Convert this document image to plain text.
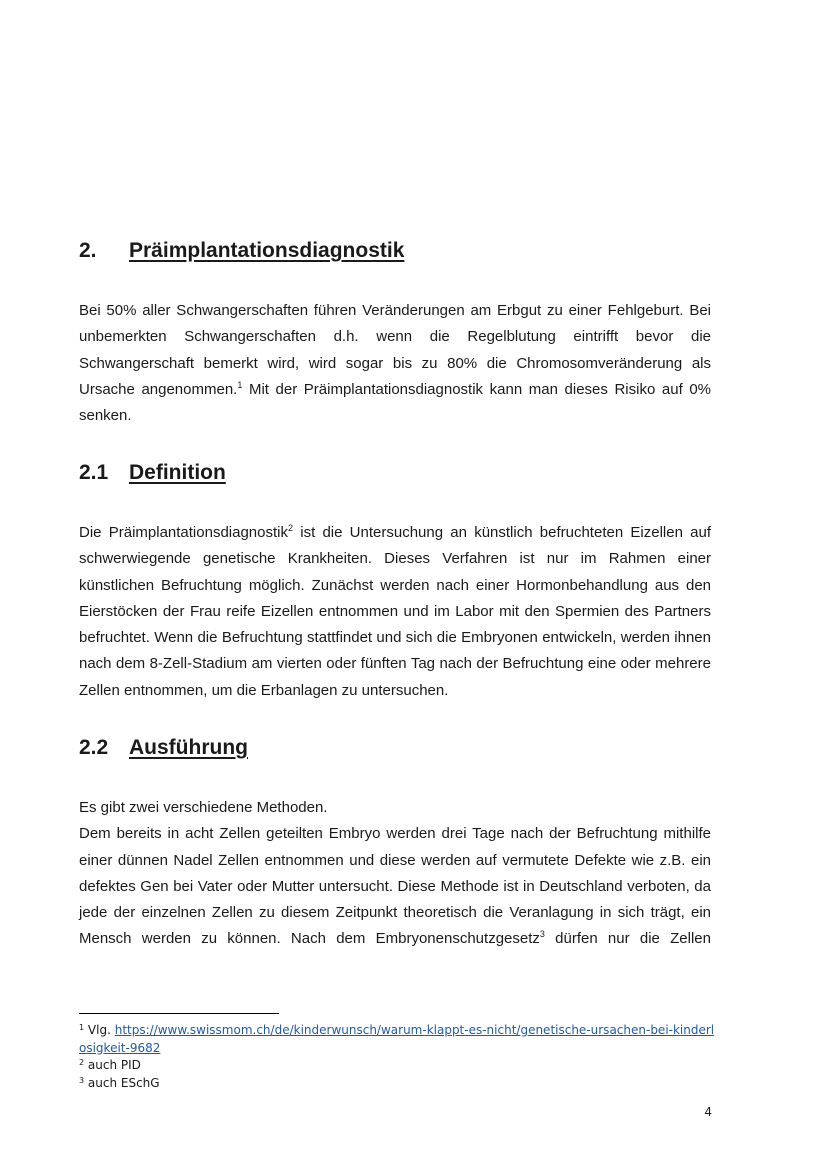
2. Präimplantationsdiagnostik
Bei 50% aller Schwangerschaften führen Veränderungen am Erbgut zu einer Fehlgeburt. Bei unbemerkten Schwangerschaften d.h. wenn die Regelblutung eintrifft bevor die Schwangerschaft bemerkt wird, wird sogar bis zu 80% die Chromosomveränderung als Ursache angenommen.$^1$ Mit der Präimplantationsdiagnostik kann man dieses Risiko auf 0% senken.
2.1 Definition
Die Präimplantationsdiagnostik$^2$ ist die Untersuchung an künstlich befruchteten Eizellen auf schwerwiegende genetische Krankheiten. Dieses Verfahren ist nur im Rahmen einer künstlichen Befruchtung möglich. Zunächst werden nach einer Hormonbehandlung aus den Eierstöcken der Frau reife Eizellen entnommen und im Labor mit den Spermien des Partners befruchtet. Wenn die Befruchtung stattfindet und sich die Embryonen entwickeln, werden ihnen nach dem 8-Zell-Stadium am vierten oder fünften Tag nach der Befruchtung eine oder mehrere Zellen entnommen, um die Erbanlagen zu untersuchen.
2.2 Ausführung
Es gibt zwei verschiedene Methoden.
Dem bereits in acht Zellen geteilten Embryo werden drei Tage nach der Befruchtung mithilfe einer dünnen Nadel Zellen entnommen und diese werden auf vermutete Defekte wie z.B. ein defektes Gen bei Vater oder Mutter untersucht. Diese Methode ist in Deutschland verboten, da jede der einzelnen Zellen zu diesem Zeitpunkt theoretisch die Veranlagung in sich trägt, ein Mensch werden zu können. Nach dem Embryonenschutzgesetz$^3$ dürfen nur die Zellen
$^1$ Vlg. https://www.swissmom.ch/de/kinderwunsch/warum-klappt-es-nicht/genetische-ursachen-bei-kinderlosigkeit-9682
$^2$ auch PID
$^3$ auch ESchG
4
